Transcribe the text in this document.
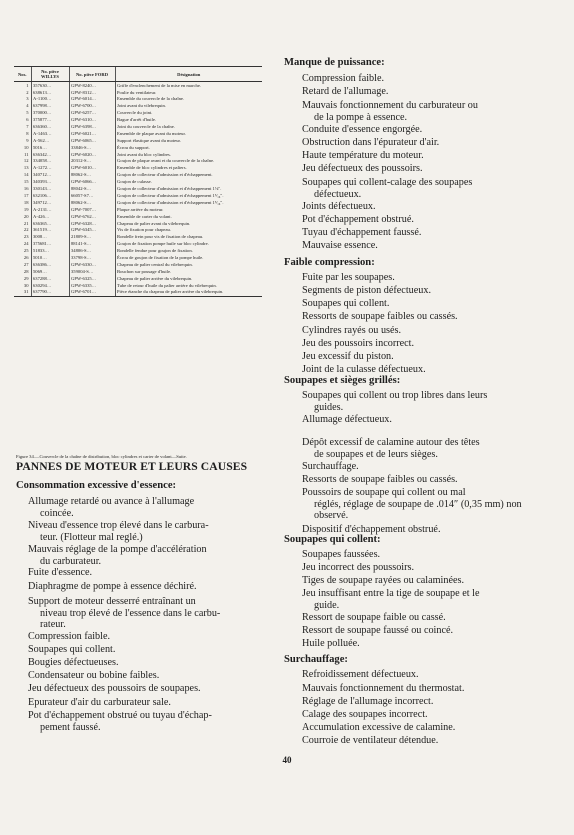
Nos.	No. pièce WILLYS	No. pièce FORD	Désignation
1	357630…	GPW-8240…	Griffe d'enclenchement de la mise en marche.
2	638613…	GPW-8312…	Poulie du ventilateur.
3	A-1100…	GPW-6014…	Ensemble du couvercle de la chaîne.
4	637998…	GPW-6700…	Joint avant du vilebrequin.
5	370000…	GPW-6257…	Couvercle du joint.
6	375877…	GPW-6310…	Bague d'arrêt d'huile.
7	636360…	GPW-6398…	Joint du couvercle de la chaîne.
8	A-1463…	GPW-6021…	Ensemble de plaque avant du moteur.
9	A-562…	GPW-6065…	Support élastique avant du moteur.
10	5016…	33846-S…	Écrou du support.
11	636342…	GPW-6020…	Joint avant du bloc cylindres.
12	334058…	20312-S…	Goujon de plaque avant et du couvercle de la chaîne.
13	A-1272…	GPW-6010…	Ensemble de bloc cylindres et paliers.
14	340712…	88062-S…	Goujon de collecteur d'admission et d'échappement.
15	340393…	GPW-6066…	Goujon de culasse.
16	330143…	88042-S…	Goujon de collecteur d'admission et d'échappement 1⅛″.
17	632106…	66057-S7…	Goujon de collecteur d'admission et d'échappement 1⁵⁄₁₆″.
18	349712…	88062-S…	Goujon de collecteur d'admission et d'échappement 1⁵⁄₁₆″.
19	A-2131…	GPW-7007…	Plaque arrière du moteur.
20	A-426…	GPW-6762…	Ensemble de carter du volant.
21	636365…	GPW-6328…	Chapeau de palier avant du vilebrequin.
22	361519…	GPW-6345…	Vis de fixation pour chapeau.
23	3008…	21809-S…	Rondelle frein pour vis de fixation de chapeau.
24	375681…	88141-S…	Goujon de fixation pompe huile sur bloc cylindre.
25	51833…	34806-S…	Rondelle fendue pour goujon de fixation.
26	5010…	33798-S…	Écrou de goujon de fixation de la pompe huile.
27	636386…	GPW-6330…	Chapeau de palier central du vilebrequin.
28	5069…	359004-S…	Bouchon sur pousage d'huile.
29	637288…	GPW-6325…	Chapeau de palier arrière du vilebrequin.
30	630294…	GPW-6335…	Tube de retour d'huile du palier arrière du vilebrequin.
31	637790…	GPW-6701…	Pièce étanche du chapeau de palier arrière du vilebrequin.

Figure 34.—Couvercle de la chaîne de distribution, bloc cylindres et carter de volant—Suite.

PANNES DE MOTEUR ET LEURS CAUSES
Consommation excessive d'essence:
Allumage retardé ou avance à l'allumage
coincée.
Niveau d'essence trop élevé dans le carbura-
teur. (Flotteur mal reglé.)
Mauvais réglage de la pompe d'accélération
du carburateur.
Fuite d'essence.
Diaphragme de pompe à essence déchiré.
Support de moteur desserré entraînant un
niveau trop élevé de l'essence dans le carbu-
rateur.
Compression faible.
Soupapes qui collent.
Bougies défectueuses.
Condensateur ou bobine faibles.
Jeu défectueux des poussoirs de soupapes.
Epurateur d'air du carburateur sale.
Pot d'échappement obstrué ou tuyau d'échap-
pement faussé.
Manque de puissance:
Compression faible.
Retard de l'allumage.
Mauvais fonctionnement du carburateur ou
de la pompe à essence.
Conduite d'essence engorgée.
Obstruction dans l'épurateur d'air.
Haute température du moteur.
Jeu défectueux des poussoirs.
Soupapes qui collent-calage des soupapes
défectueux.
Joints défectueux.
Pot d'échappement obstrué.
Tuyau d'échappement faussé.
Mauvaise essence.
Faible compression:
Fuite par les soupapes.
Segments de piston défectueux.
Soupapes qui collent.
Ressorts de soupape faibles ou cassés.
Cylindres rayés ou usés.
Jeu des poussoirs incorrect.
Jeu excessif du piston.
Joint de la culasse défectueux.
Soupapes et sièges grillés:
Soupapes qui collent ou trop libres dans leurs
guides.
Allumage défectueux.
Dépôt excessif de calamine autour des têtes
de soupapes et de leurs sièges.
Surchauffage.
Ressorts de soupape faibles ou cassés.
Poussoirs de soupape qui collent ou mal
réglés, réglage de soupape de .014″ (0,35 mm) non
observé.
Dispositif d'échappement obstrué.
Soupapes qui collent:
Soupapes faussées.
Jeu incorrect des poussoirs.
Tiges de soupape rayées ou calaminées.
Jeu insuffisant entre la tige de soupape et le
guide.
Ressort de soupape faible ou cassé.
Ressort de soupape faussé ou coincé.
Huile polluée.
Surchauffage:
Refroidissement défectueux.
Mauvais fonctionnement du thermostat.
Réglage de l'allumage incorrect.
Calage des soupapes incorrect.
Accumulation excessive de calamine.
Courroie de ventilateur détendue.
40
